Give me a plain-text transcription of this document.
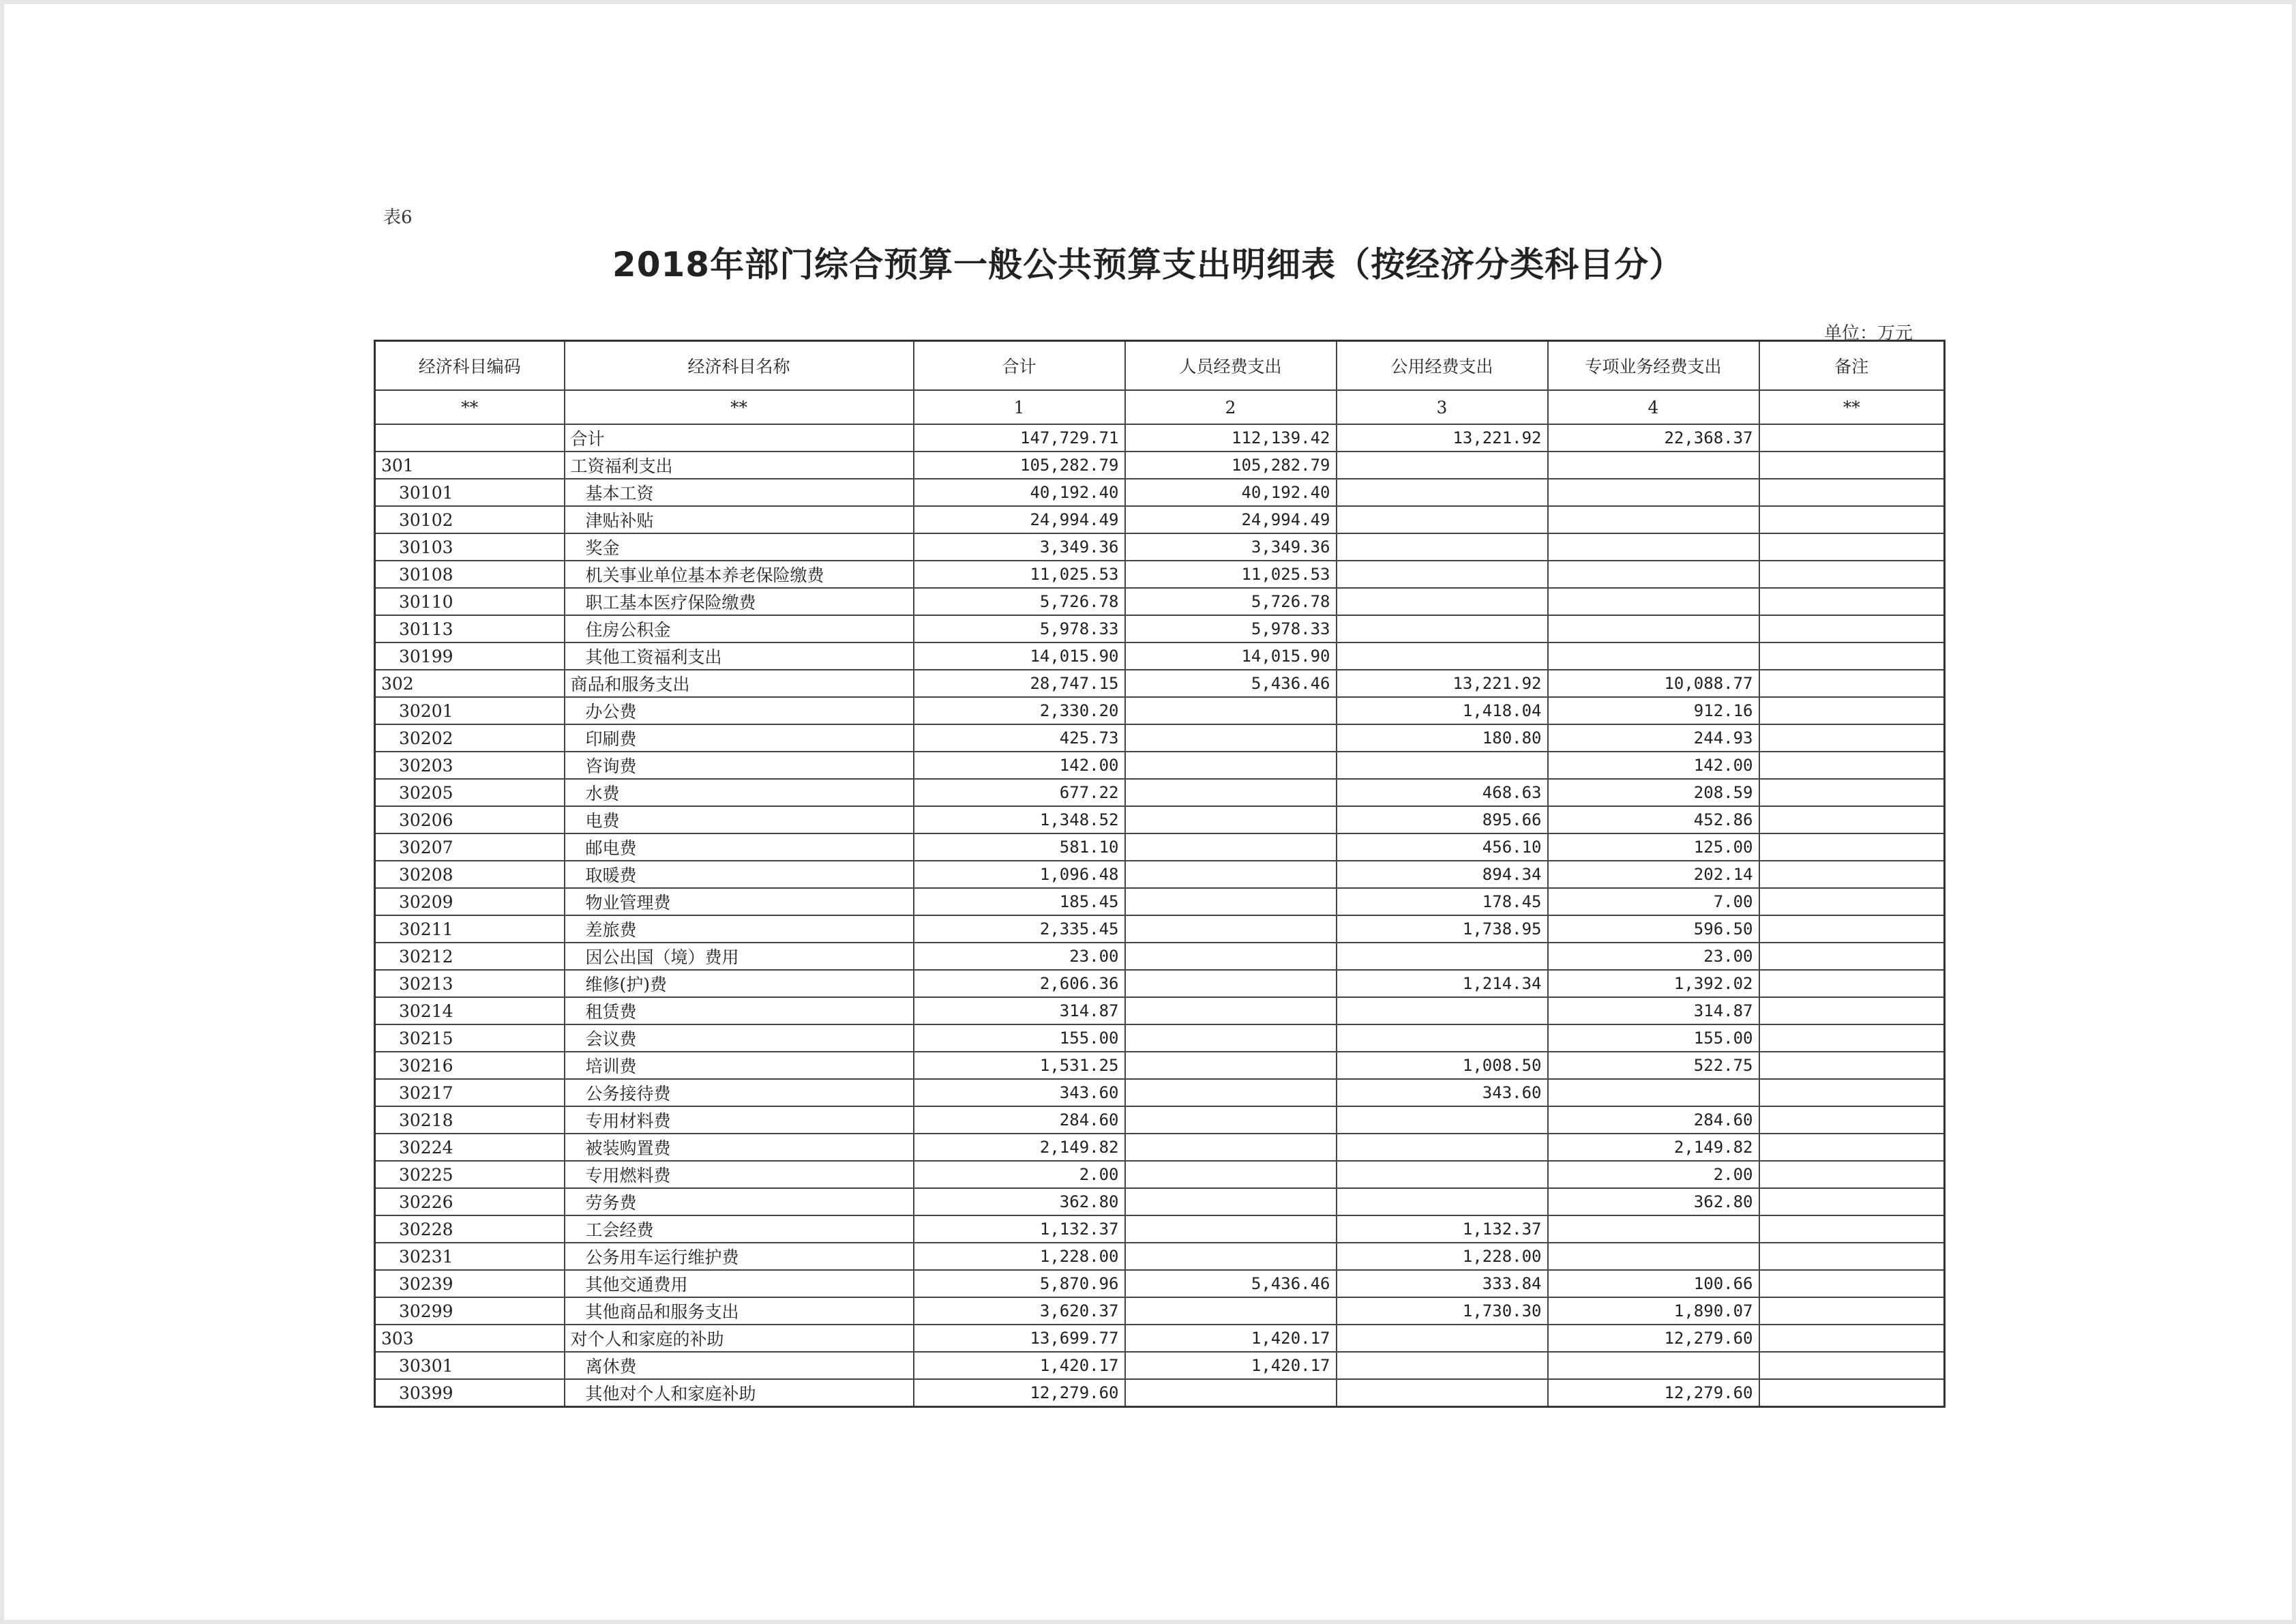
表6
2018年部门综合预算一般公共预算支出明细表（按经济分类科目分）
单位：万元
经济科目编码	经济科目名称	合计	人员经费支出	公用经费支出	专项业务经费支出	备注
**	**	1	2	3	4	**
	合计	147,729.71	112,139.42	13,221.92	22,368.37	
301	工资福利支出	105,282.79	105,282.79			
30101	基本工资	40,192.40	40,192.40			
30102	津贴补贴	24,994.49	24,994.49			
30103	奖金	3,349.36	3,349.36			
30108	机关事业单位基本养老保险缴费	11,025.53	11,025.53			
30110	职工基本医疗保险缴费	5,726.78	5,726.78			
30113	住房公积金	5,978.33	5,978.33			
30199	其他工资福利支出	14,015.90	14,015.90			
302	商品和服务支出	28,747.15	5,436.46	13,221.92	10,088.77	
30201	办公费	2,330.20		1,418.04	912.16	
30202	印刷费	425.73		180.80	244.93	
30203	咨询费	142.00			142.00	
30205	水费	677.22		468.63	208.59	
30206	电费	1,348.52		895.66	452.86	
30207	邮电费	581.10		456.10	125.00	
30208	取暖费	1,096.48		894.34	202.14	
30209	物业管理费	185.45		178.45	7.00	
30211	差旅费	2,335.45		1,738.95	596.50	
30212	因公出国（境）费用	23.00			23.00	
30213	维修(护)费	2,606.36		1,214.34	1,392.02	
30214	租赁费	314.87			314.87	
30215	会议费	155.00			155.00	
30216	培训费	1,531.25		1,008.50	522.75	
30217	公务接待费	343.60		343.60		
30218	专用材料费	284.60			284.60	
30224	被装购置费	2,149.82			2,149.82	
30225	专用燃料费	2.00			2.00	
30226	劳务费	362.80			362.80	
30228	工会经费	1,132.37		1,132.37		
30231	公务用车运行维护费	1,228.00		1,228.00		
30239	其他交通费用	5,870.96	5,436.46	333.84	100.66	
30299	其他商品和服务支出	3,620.37		1,730.30	1,890.07	
303	对个人和家庭的补助	13,699.77	1,420.17		12,279.60	
30301	离休费	1,420.17	1,420.17			
30399	其他对个人和家庭补助	12,279.60			12,279.60	
